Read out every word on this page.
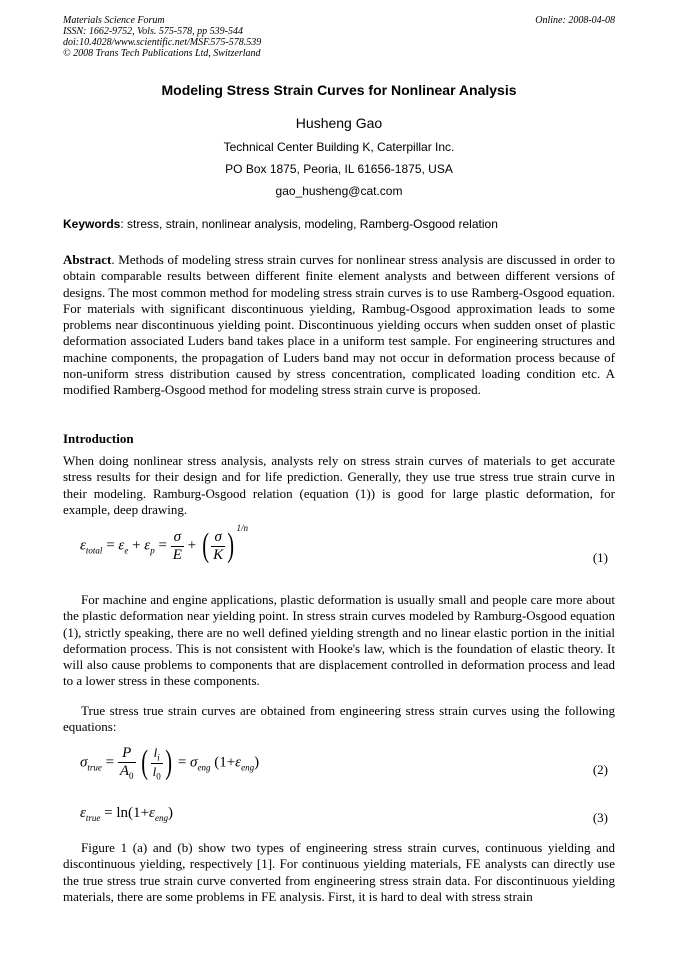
Materials Science Forum
ISSN: 1662-9752, Vols. 575-578, pp 539-544
doi:10.4028/www.scientific.net/MSF.575-578.539
© 2008 Trans Tech Publications Ltd, Switzerland
Online: 2008-04-08
Modeling Stress Strain Curves for Nonlinear Analysis
Husheng Gao
Technical Center Building K, Caterpillar Inc.
PO Box 1875, Peoria, IL 61656-1875, USA
gao_husheng@cat.com
Keywords: stress, strain, nonlinear analysis, modeling, Ramberg-Osgood relation
Abstract. Methods of modeling stress strain curves for nonlinear stress analysis are discussed in order to obtain comparable results between different finite element analysts and between different versions of designs. The most common method for modeling stress strain curves is to use Ramberg-Osgood equation. For materials with significant discontinuous yielding, Rambug-Osgood approximation leads to some problems near discontinuous yielding point. Discontinuous yielding occurs when sudden onset of plastic deformation associated Luders band takes place in a uniform test sample. For engineering structures and machine components, the propagation of Luders band may not occur in deformation process because of non-uniform stress distribution caused by stress concentration, complicated loading condition etc. A modified Ramberg-Osgood method for modeling stress strain curve is proposed.
Introduction
When doing nonlinear stress analysis, analysts rely on stress strain curves of materials to get accurate stress results for their design and for life prediction. Generally, they use true stress true strain curve in their modeling. Ramburg-Osgood relation (equation (1)) is good for large plastic deformation, for example, deep drawing.
$\varepsilon_{total} = \varepsilon_e + \varepsilon_p = \frac{\sigma}{E}$ + ( $\frac{\sigma}{K}$ ) $^{1/n}$
(1)
For machine and engine applications, plastic deformation is usually small and people care more about the plastic deformation near yielding point. In stress strain curves modeled by Ramburg-Osgood equation (1), strictly speaking, there are no well defined yielding strength and no linear elastic portion in the initial deformation process. This is not consistent with Hooke's law, which is the foundation of elastic theory. It will also cause problems to components that are displacement controlled in deformation process and lead to a lower stress in these components.
True stress true strain curves are obtained from engineering stress strain curves using the following equations:
$\sigma_{true} = \frac{P}{A_0}$ ( $\frac{l_i}{l_0}$ ) = $\sigma_{eng}$ $(1+\varepsilon_{eng})$	(2)
$\varepsilon_{true} = \ln(1+\varepsilon_{eng})$	(3)
Figure 1 (a) and (b) show two types of engineering stress strain curves, continuous yielding and discontinuous yielding, respectively [1]. For continuous yielding materials, FE analysts can directly use the true stress true strain curve converted from engineering stress strain data. For discontinuous yielding materials, there are some problems in FE analysis. First, it is hard to deal with stress strain
